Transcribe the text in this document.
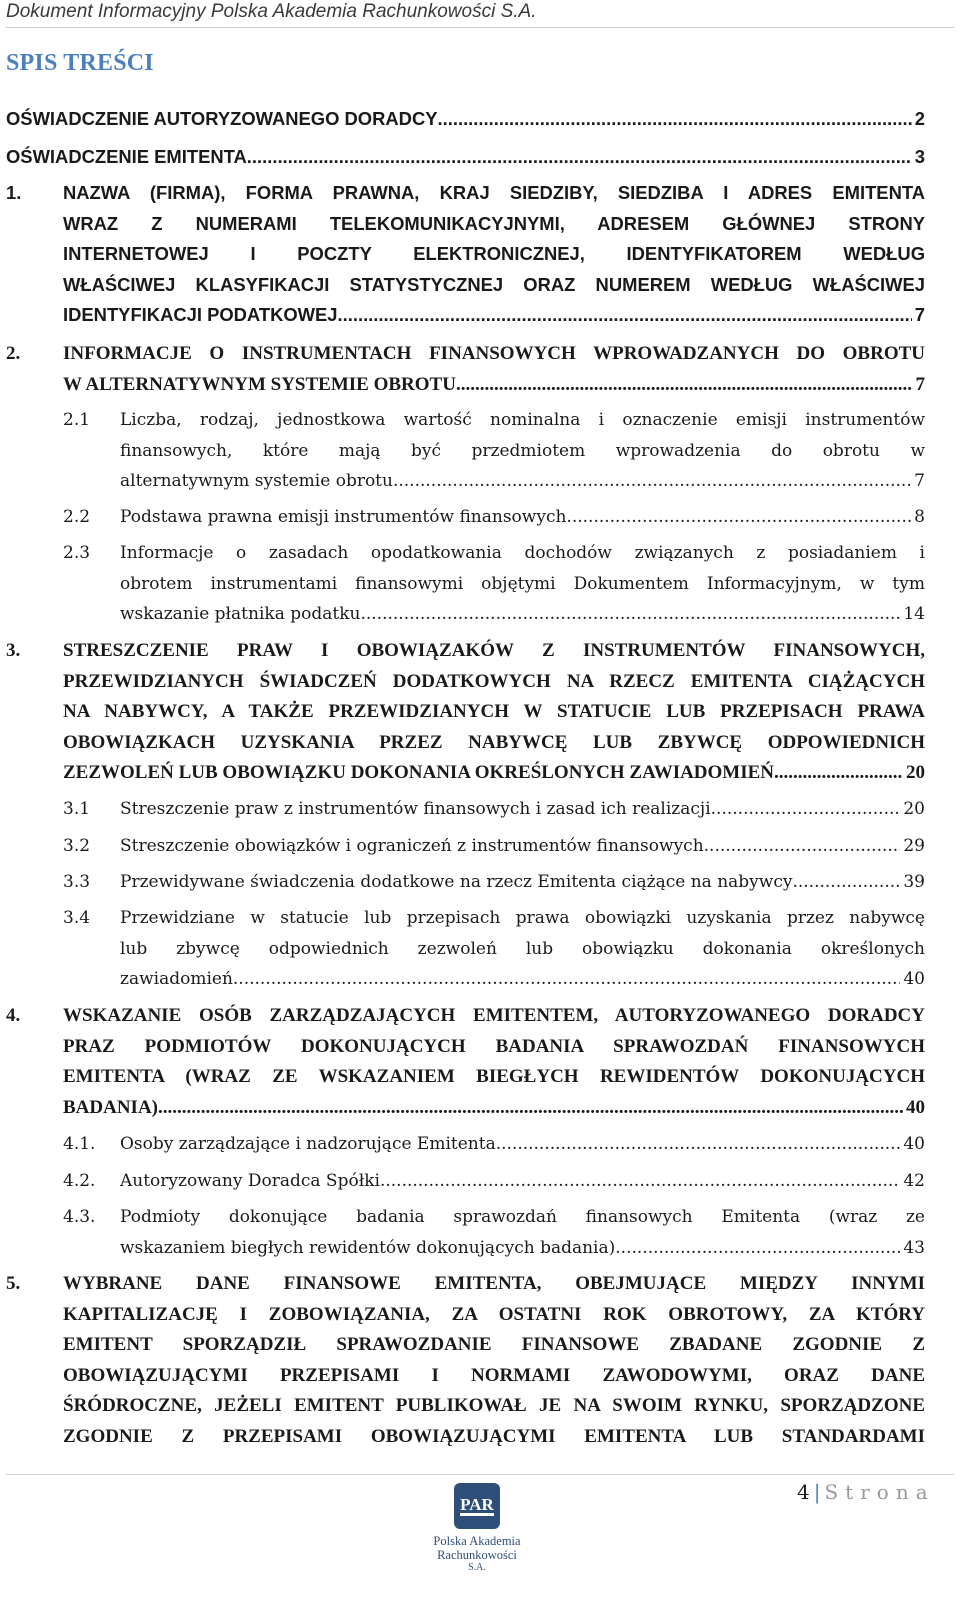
Dokument Informacyjny Polska Akademia Rachunkowości S.A.
SPIS TREŚCI
OŚWIADCZENIE AUTORYZOWANEGO DORADCY .....	2
OŚWIADCZENIE EMITENTA .....	3
1. NAZWA (FIRMA), FORMA PRAWNA, KRAJ SIEDZIBY, SIEDZIBA I ADRES EMITENTA
WRAZ Z NUMERAMI TELEKOMUNIKACYJNYMI, ADRESEM GŁÓWNEJ STRONY
INTERNETOWEJ I POCZTY ELEKTRONICZNEJ, IDENTYFIKATOREM WEDŁUG
WŁAŚCIWEJ KLASYFIKACJI STATYSTYCZNEJ ORAZ NUMEREM WEDŁUG WŁAŚCIWEJ
IDENTYFIKACJI PODATKOWEJ .....	7
2. INFORMACJE O INSTRUMENTACH FINANSOWYCH WPROWADZANYCH DO OBROTU
W ALTERNATYWNYM SYSTEMIE OBROTU .....	7
2.1 Liczba, rodzaj, jednostkowa wartość nominalna i oznaczenie emisji instrumentów
finansowych, które mają być przedmiotem wprowadzenia do obrotu w
alternatywnym systemie obrotu .....	7
2.2 Podstawa prawna emisji instrumentów finansowych .....	8
2.3 Informacje o zasadach opodatkowania dochodów związanych z posiadaniem i
obrotem instrumentami finansowymi objętymi Dokumentem Informacyjnym, w tym
wskazanie płatnika podatku .....	14
3. STRESZCZENIE PRAW I OBOWIĄZAKÓW Z INSTRUMENTÓW FINANSOWYCH,
PRZEWIDZIANYCH ŚWIADCZEŃ DODATKOWYCH NA RZECZ EMITENTA CIĄŻĄCYCH
NA NABYWCY, A TAKŻE PRZEWIDZIANYCH W STATUCIE LUB PRZEPISACH PRAWA
OBOWIĄZKACH UZYSKANIA PRZEZ NABYWCĘ LUB ZBYWCĘ ODPOWIEDNICH
ZEZWOLEŃ LUB OBOWIĄZKU DOKONANIA OKREŚLONYCH ZAWIADOMIEŃ .....	20
3.1 Streszczenie praw z instrumentów finansowych i zasad ich realizacji .....	20
3.2 Streszczenie obowiązków i ograniczeń z instrumentów finansowych .....	29
3.3 Przewidywane świadczenia dodatkowe na rzecz Emitenta ciążące na nabywcy .....	39
3.4 Przewidziane w statucie lub przepisach prawa obowiązki uzyskania przez nabywcę
lub zbywcę odpowiednich zezwoleń lub obowiązku dokonania określonych
zawiadomień .....	40
4. WSKAZANIE OSÓB ZARZĄDZAJĄCYCH EMITENTEM, AUTORYZOWANEGO DORADCY
PRAZ PODMIOTÓW DOKONUJĄCYCH BADANIA SPRAWOZDAŃ FINANSOWYCH
EMITENTA (WRAZ ZE WSKAZANIEM BIEGŁYCH REWIDENTÓW DOKONUJĄCYCH
BADANIA) .....	40
4.1. Osoby zarządzające i nadzorujące Emitenta .....	40
4.2. Autoryzowany Doradca Spółki .....	42
4.3. Podmioty dokonujące badania sprawozdań finansowych Emitenta (wraz ze
wskazaniem biegłych rewidentów dokonujących badania) .....	43
5. WYBRANE DANE FINANSOWE EMITENTA, OBEJMUJĄCE MIĘDZY INNYMI
KAPITALIZACJĘ I ZOBOWIĄZANIA, ZA OSTATNI ROK OBROTOWY, ZA KTÓRY
EMITENT SPORZĄDZIŁ SPRAWOZDANIE FINANSOWE ZBADANE ZGODNIE Z
OBOWIĄZUJĄCYMI PRZEPISAMI I NORMAMI ZAWODOWYMI, ORAZ DANE
ŚRÓDROCZNE, JEŻELI EMITENT PUBLIKOWAŁ JE NA SWOIM RYNKU, SPORZĄDZONE
ZGODNIE Z PRZEPISAMI OBOWIĄZUJĄCYMI EMITENTA LUB STANDARDAMI
PAR
Polska Akademia
Rachunkowości
S.A.
4 | Strona
